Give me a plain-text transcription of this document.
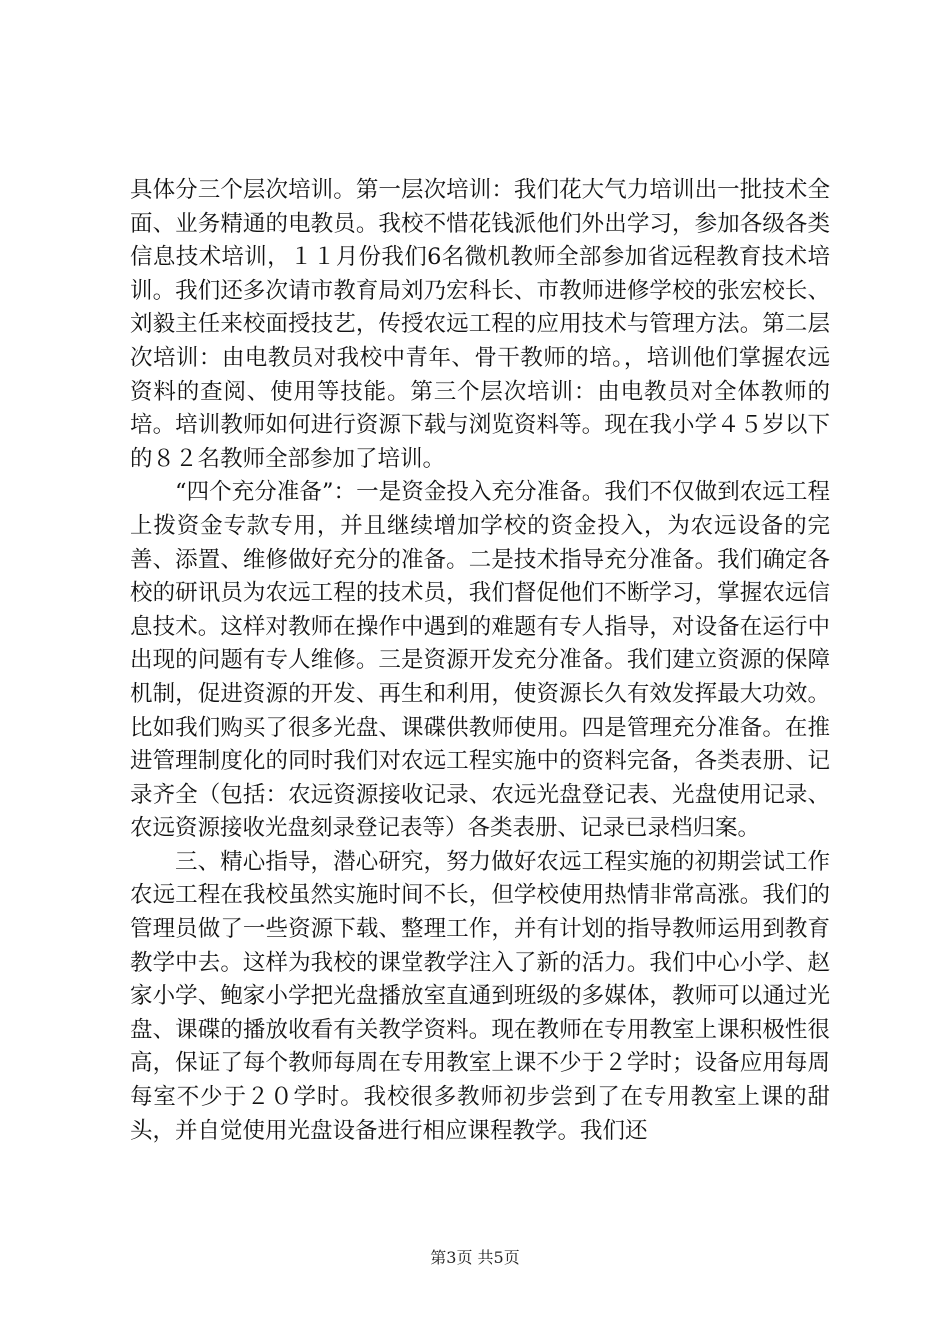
具体分三个层次培训。第一层次培训：我们花大气力培训出一批技术全面、业务精通的电教员。我校不惜花钱派他们外出学习，参加各级各类信息技术培训，１１月份我们6名微机教师全部参加省远程教育技术培训。我们还多次请市教育局刘乃宏科长、市教师进修学校的张宏校长、刘毅主任来校面授技艺，传授农远工程的应用技术与管理方法。第二层次培训：由电教员对我校中青年、骨干教师的培。，培训他们掌握农远资料的查阅、使用等技能。第三个层次培训：由电教员对全体教师的培。培训教师如何进行资源下载与浏览资料等。现在我小学４５岁以下的８２名教师全部参加了培训。

“四个充分准备”：一是资金投入充分准备。我们不仅做到农远工程上拨资金专款专用，并且继续增加学校的资金投入，为农远设备的完善、添置、维修做好充分的准备。二是技术指导充分准备。我们确定各校的研讯员为农远工程的技术员，我们督促他们不断学习，掌握农远信息技术。这样对教师在操作中遇到的难题有专人指导，对设备在运行中出现的问题有专人维修。三是资源开发充分准备。我们建立资源的保障机制，促进资源的开发、再生和利用，使资源长久有效发挥最大功效。比如我们购买了很多光盘、课碟供教师使用。四是管理充分准备。在推进管理制度化的同时我们对农远工程实施中的资料完备，各类表册、记录齐全（包括：农远资源接收记录、农远光盘登记表、光盘使用记录、农远资源接收光盘刻录登记表等）各类表册、记录已录档归案。

三、精心指导，潜心研究，努力做好农远工程实施的初期尝试工作农远工程在我校虽然实施时间不长，但学校使用热情非常高涨。我们的管理员做了一些资源下载、整理工作，并有计划的指导教师运用到教育教学中去。这样为我校的课堂教学注入了新的活力。我们中心小学、赵家小学、鲍家小学把光盘播放室直通到班级的多媒体，教师可以通过光盘、课碟的播放收看有关教学资料。现在教师在专用教室上课积极性很高，保证了每个教师每周在专用教室上课不少于２学时；设备应用每周每室不少于２０学时。我校很多教师初步尝到了在专用教室上课的甜头，并自觉使用光盘设备进行相应课程教学。我们还

第3页 共5页
